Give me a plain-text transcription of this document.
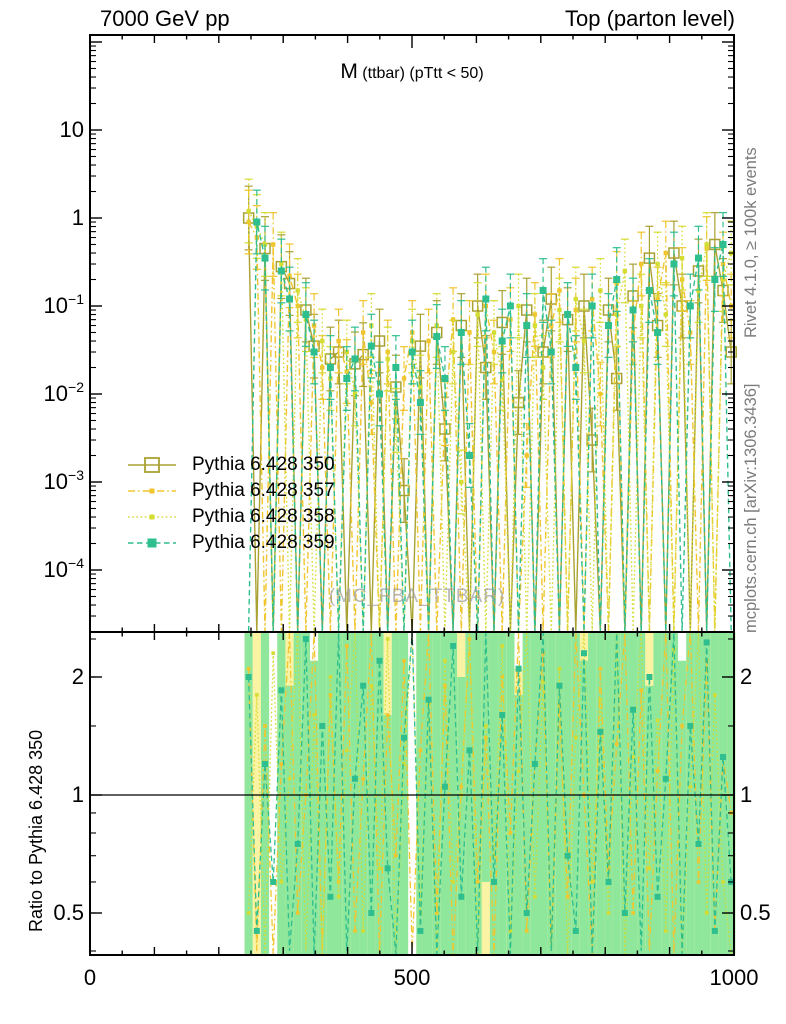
7000 GeV pp	Top (parton level)
M (ttbar) (pTtt < 50)
0	500	1000
10
1
$10^{-1}$
$10^{-2}$
$10^{-3}$
$10^{-4}$
2	2
1	1
0.5	0.5
Rivet 4.1.0, ≥ 100k events
mcplots.cern.ch [arXiv:1306.3436]
Ratio to Pythia 6.428 350
(MC_FBA_TTBAR)
Pythia 6.428 350
Pythia 6.428 357
Pythia 6.428 358
Pythia 6.428 359
